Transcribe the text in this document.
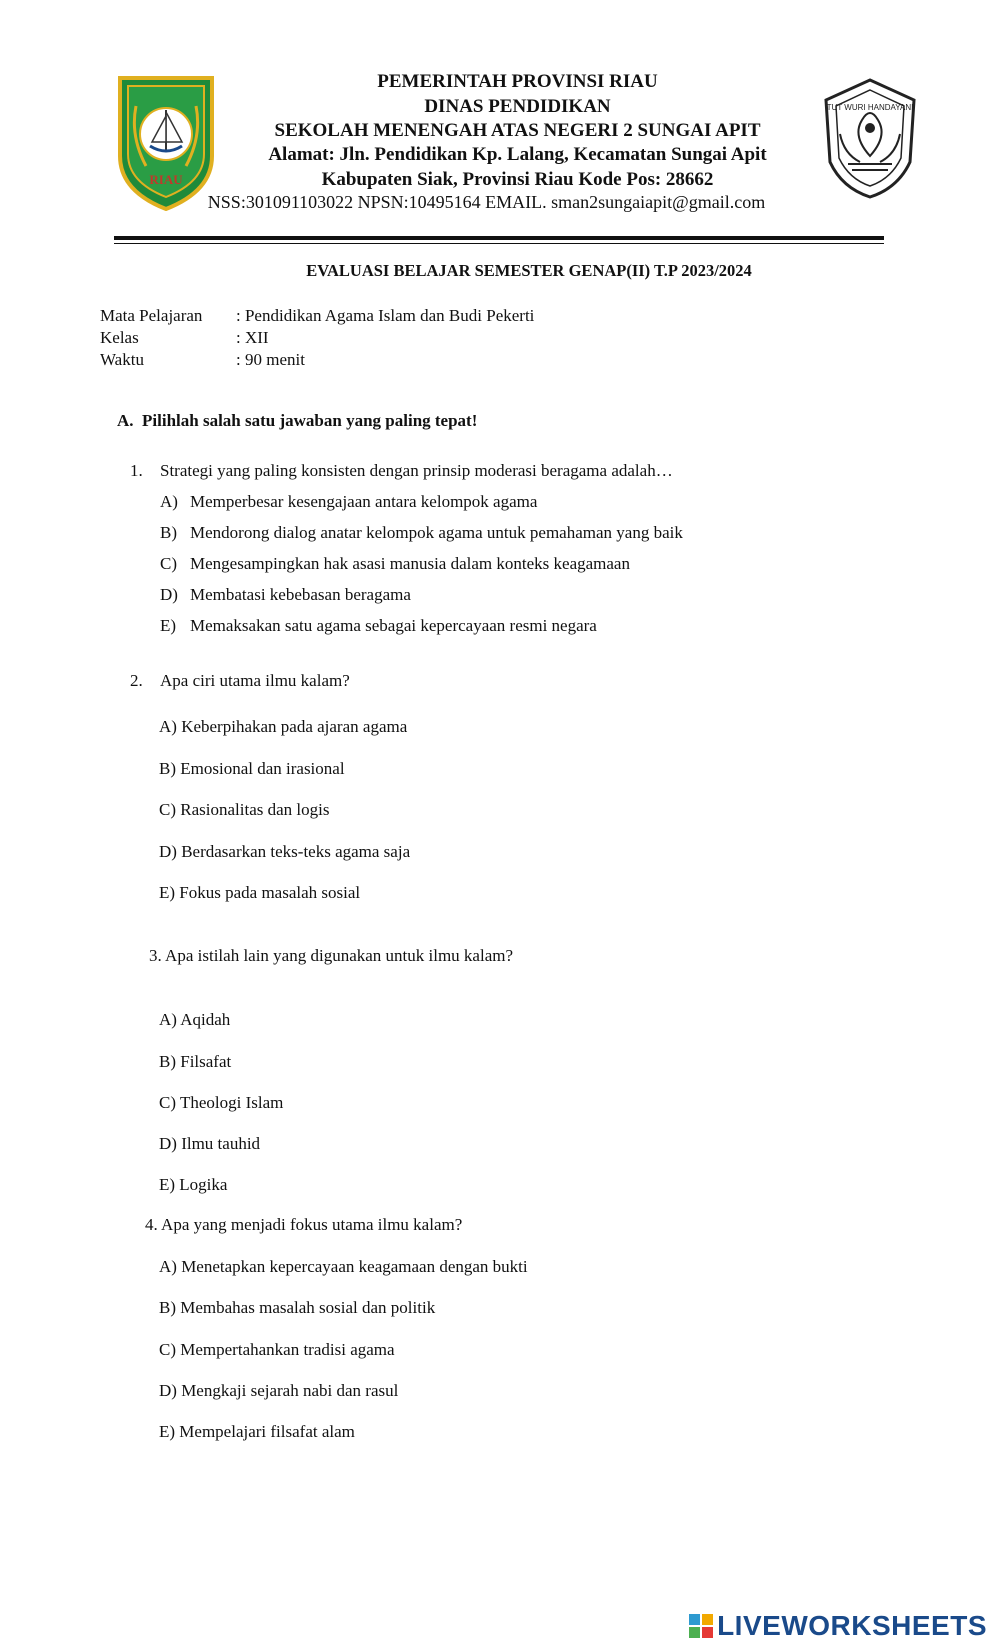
RIAU
TUT WURI HANDAYANI
PEMERINTAH PROVINSI RIAU
DINAS PENDIDIKAN
SEKOLAH MENENGAH ATAS NEGERI 2 SUNGAI APIT
Alamat: Jln. Pendidikan Kp. Lalang, Kecamatan Sungai Apit
Kabupaten Siak, Provinsi Riau Kode Pos: 28662
NSS:301091103022 NPSN:10495164 EMAIL. sman2sungaiapit@gmail.com
EVALUASI BELAJAR SEMESTER GENAP(II) T.P 2023/2024
Mata Pelajaran : Pendidikan Agama Islam dan Budi Pekerti
Kelas	: XII
Waktu	: 90 menit
A. Pilihlah salah satu jawaban yang paling tepat!
1. Strategi yang paling konsisten dengan prinsip moderasi beragama adalah…
A) Memperbesar kesengajaan antara kelompok agama
B) Mendorong dialog anatar kelompok agama untuk pemahaman yang baik
C) Mengesampingkan hak asasi manusia dalam konteks keagamaan
D) Membatasi kebebasan beragama
E) Memaksakan satu agama sebagai kepercayaan resmi negara
2. Apa ciri utama ilmu kalam?
A) Keberpihakan pada ajaran agama
B) Emosional dan irasional
C) Rasionalitas dan logis
D) Berdasarkan teks-teks agama saja
E) Fokus pada masalah sosial
3. Apa istilah lain yang digunakan untuk ilmu kalam?
A) Aqidah
B) Filsafat
C) Theologi Islam
D) Ilmu tauhid
E) Logika
4. Apa yang menjadi fokus utama ilmu kalam?
A) Menetapkan kepercayaan keagamaan dengan bukti
B) Membahas masalah sosial dan politik
C) Mempertahankan tradisi agama
D) Mengkaji sejarah nabi dan rasul
E) Mempelajari filsafat alam
LIVEWORKSHEETS
